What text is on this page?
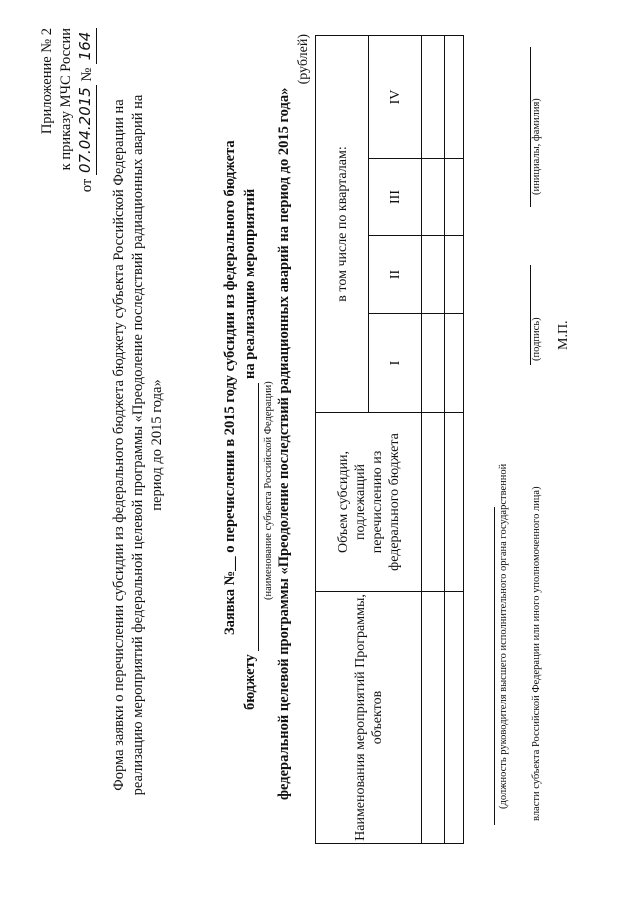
Приложение № 2 к приказу МЧС России
от 07.04.2015 № 164
Форма заявки о перечислении субсидии из федерального бюджета бюджету субъекта Российской Федерации на реализацию мероприятий федеральной целевой программы «Преодоление последствий радиационных аварий на период до 2015 года»	Заявка №__ о перечислении в 2015 году субсидии из федерального бюджета
бюджету  на реализацию мероприятий
(наименование субъекта Российской Федерации) федеральной целевой программы «Преодоление последствий радиационных аварий на период до 2015 года»
(рублей)
Наименования мероприятий Программы, объектов	Объем субсидии, подлежащий перечислению из федерального бюджета	в том числе по кварталам:			
		I	II	III	IV

(должность руководителя высшего исполнительного органа государственной власти субъекта Российской Федерации или иного уполномоченного лица)
(подпись) М.П.
(инициалы, фамилия)
